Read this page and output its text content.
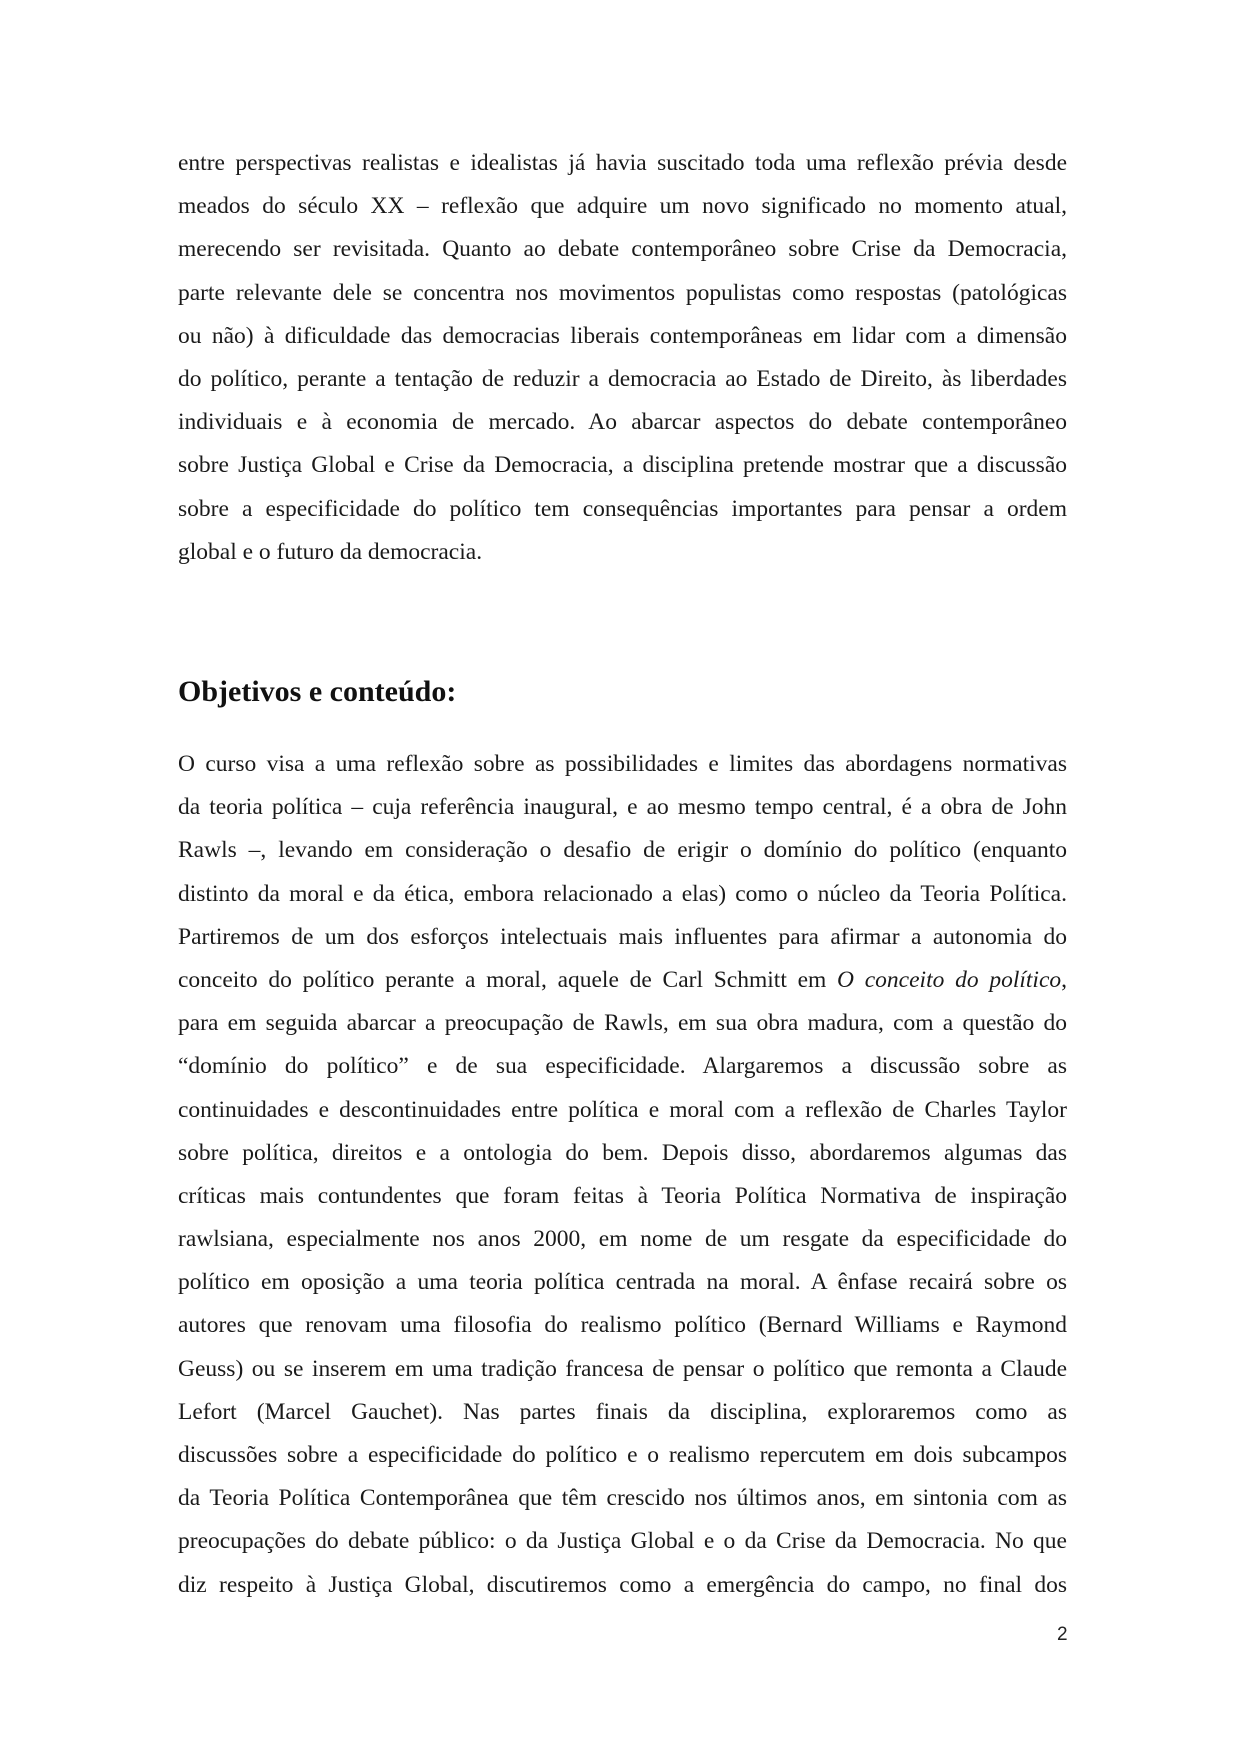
entre perspectivas realistas e idealistas já havia suscitado toda uma reflexão prévia desde
meados do século XX – reflexão que adquire um novo significado no momento atual,
merecendo ser revisitada. Quanto ao debate contemporâneo sobre Crise da Democracia,
parte relevante dele se concentra nos movimentos populistas como respostas (patológicas
ou não) à dificuldade das democracias liberais contemporâneas em lidar com a dimensão
do político, perante a tentação de reduzir a democracia ao Estado de Direito, às liberdades
individuais e à economia de mercado. Ao abarcar aspectos do debate contemporâneo
sobre Justiça Global e Crise da Democracia, a disciplina pretende mostrar que a discussão
sobre a especificidade do político tem consequências importantes para pensar a ordem
global e o futuro da democracia.
Objetivos e conteúdo:
O curso visa a uma reflexão sobre as possibilidades e limites das abordagens normativas
da teoria política – cuja referência inaugural, e ao mesmo tempo central, é a obra de John
Rawls –, levando em consideração o desafio de erigir o domínio do político (enquanto
distinto da moral e da ética, embora relacionado a elas) como o núcleo da Teoria Política.
Partiremos de um dos esforços intelectuais mais influentes para afirmar a autonomia do
conceito do político perante a moral, aquele de Carl Schmitt em O conceito do político,
para em seguida abarcar a preocupação de Rawls, em sua obra madura, com a questão do
“domínio do político” e de sua especificidade. Alargaremos a discussão sobre as
continuidades e descontinuidades entre política e moral com a reflexão de Charles Taylor
sobre política, direitos e a ontologia do bem. Depois disso, abordaremos algumas das
críticas mais contundentes que foram feitas à Teoria Política Normativa de inspiração
rawlsiana, especialmente nos anos 2000, em nome de um resgate da especificidade do
político em oposição a uma teoria política centrada na moral. A ênfase recairá sobre os
autores que renovam uma filosofia do realismo político (Bernard Williams e Raymond
Geuss) ou se inserem em uma tradição francesa de pensar o político que remonta a Claude
Lefort (Marcel Gauchet). Nas partes finais da disciplina, exploraremos como as
discussões sobre a especificidade do político e o realismo repercutem em dois subcampos
da Teoria Política Contemporânea que têm crescido nos últimos anos, em sintonia com as
preocupações do debate público: o da Justiça Global e o da Crise da Democracia. No que
diz respeito à Justiça Global, discutiremos como a emergência do campo, no final dos
2
